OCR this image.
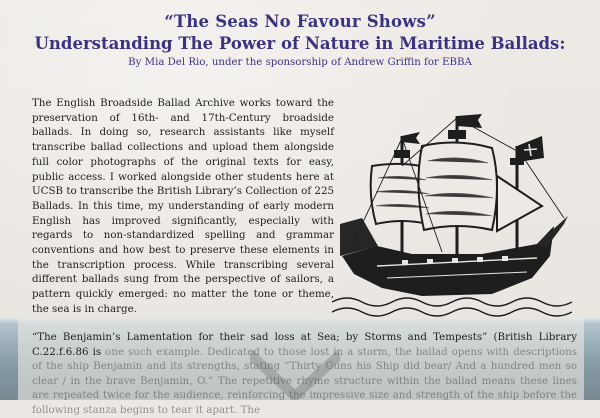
“The Seas No Favour Shows”
Understanding The Power of Nature in Maritime Ballads:

By Mia Del Rio, under the sponsorship of Andrew Griffin for EBBA

The English Broadside Ballad Archive works toward the preservation of 16th- and 17th-Century broadside ballads. In doing so, research assistants like myself transcribe ballad collections and upload them alongside full color photographs of the original texts for easy, public access. I worked alongside other students here at UCSB to transcribe the British Library’s Collection of 225 Ballads. In this time, my understanding of early modern English has improved significantly, especially with regards to non-standardized spelling and grammar conventions and how best to preserve these elements in the transcription process. While transcribing several different ballads sung from the perspective of sailors, a pattern quickly emerged: no matter the tone or theme, the sea is in charge.

“The Benjamin’s Lamentation for their sad loss at Sea; by Storms and Tempests” (British Library C.22.f.6.86 is one such example. Dedicated to those lost in a storm, the ballad opens with descriptions of the ship Benjamin and its strengths, stating “Thirty Guns his Ship did bear/ And a hundred men so clear / in the brave Benjamin, O.” The repetitive rhyme structure within the ballad means these lines are repeated twice for the audience, reinforcing the impressive size and strength of the ship before the following stanza begins to tear it apart. The
